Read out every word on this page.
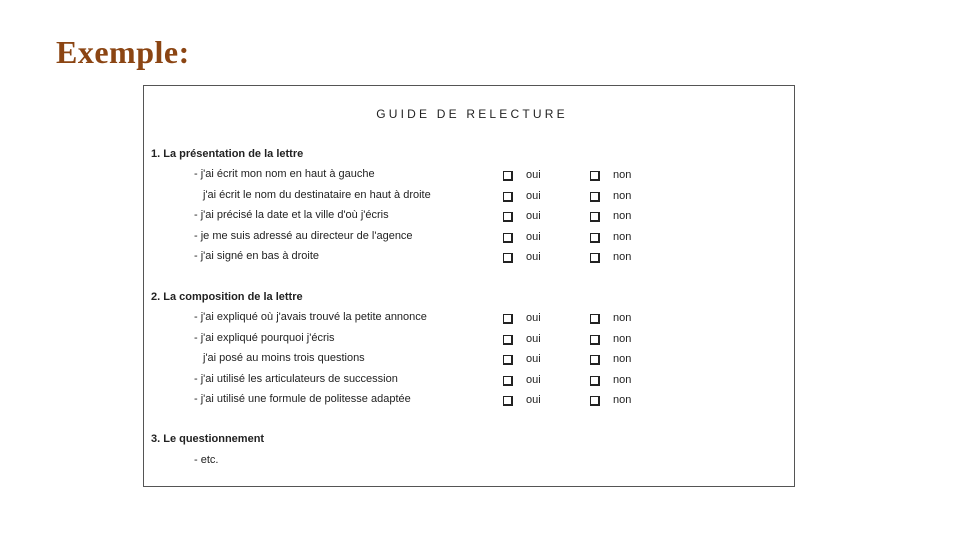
Exemple:
GUIDE DE RELECTURE
1. La présentation de la lettre
- j'ai écrit mon nom en haut à gauche	oui	non
j'ai écrit le nom du destinataire en haut à droite	oui	non
- j'ai précisé la date et la ville d'où j'écris	oui	non
- je me suis adressé au directeur de l'agence	oui	non
- j'ai signé en bas à droite	oui	non
2. La composition de la lettre
- j'ai expliqué où j'avais trouvé la petite annonce	oui	non
- j'ai expliqué pourquoi j'écris	oui	non
j'ai posé au moins trois questions	oui	non
- j'ai utilisé les articulateurs de succession	oui	non
- j'ai utilisé une formule de politesse adaptée	oui	non
3. Le questionnement
- etc.
